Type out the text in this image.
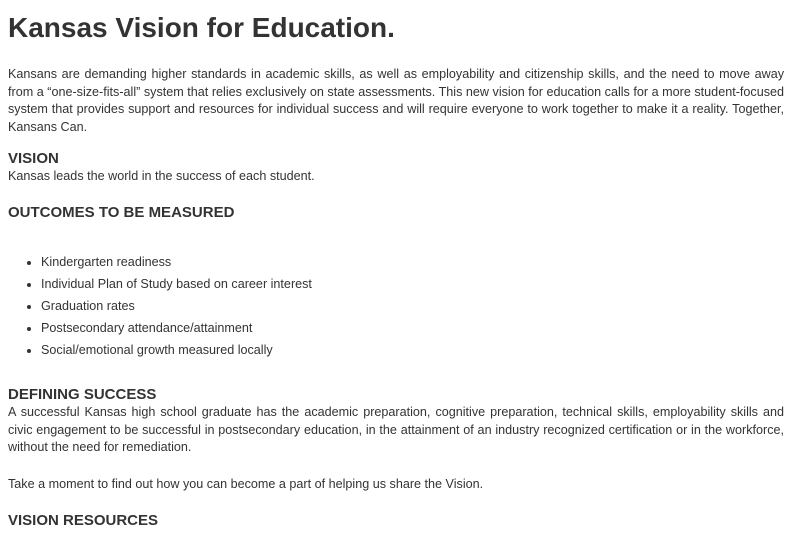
Kansas Vision for Education.

Kansans are demanding higher standards in academic skills, as well as employability and citizenship skills, and the need to move away from a “one-size-fits-all” system that relies exclusively on state assessments. This new vision for education calls for a more student-focused system that provides support and resources for individual success and will require everyone to work together to make it a reality. Together, Kansans Can.

VISION

Kansas leads the world in the success of each student.

OUTCOMES TO BE MEASURED
• Kindergarten readiness
• Individual Plan of Study based on career interest
• Graduation rates
• Postsecondary attendance/attainment
• Social/emotional growth measured locally
DEFINING SUCCESS

A successful Kansas high school graduate has the academic preparation, cognitive preparation, technical skills, employability skills and civic engagement to be successful in postsecondary education, in the attainment of an industry recognized certification or in the workforce, without the need for remediation.

Take a moment to find out how you can become a part of helping us share the Vision.

VISION RESOURCES
